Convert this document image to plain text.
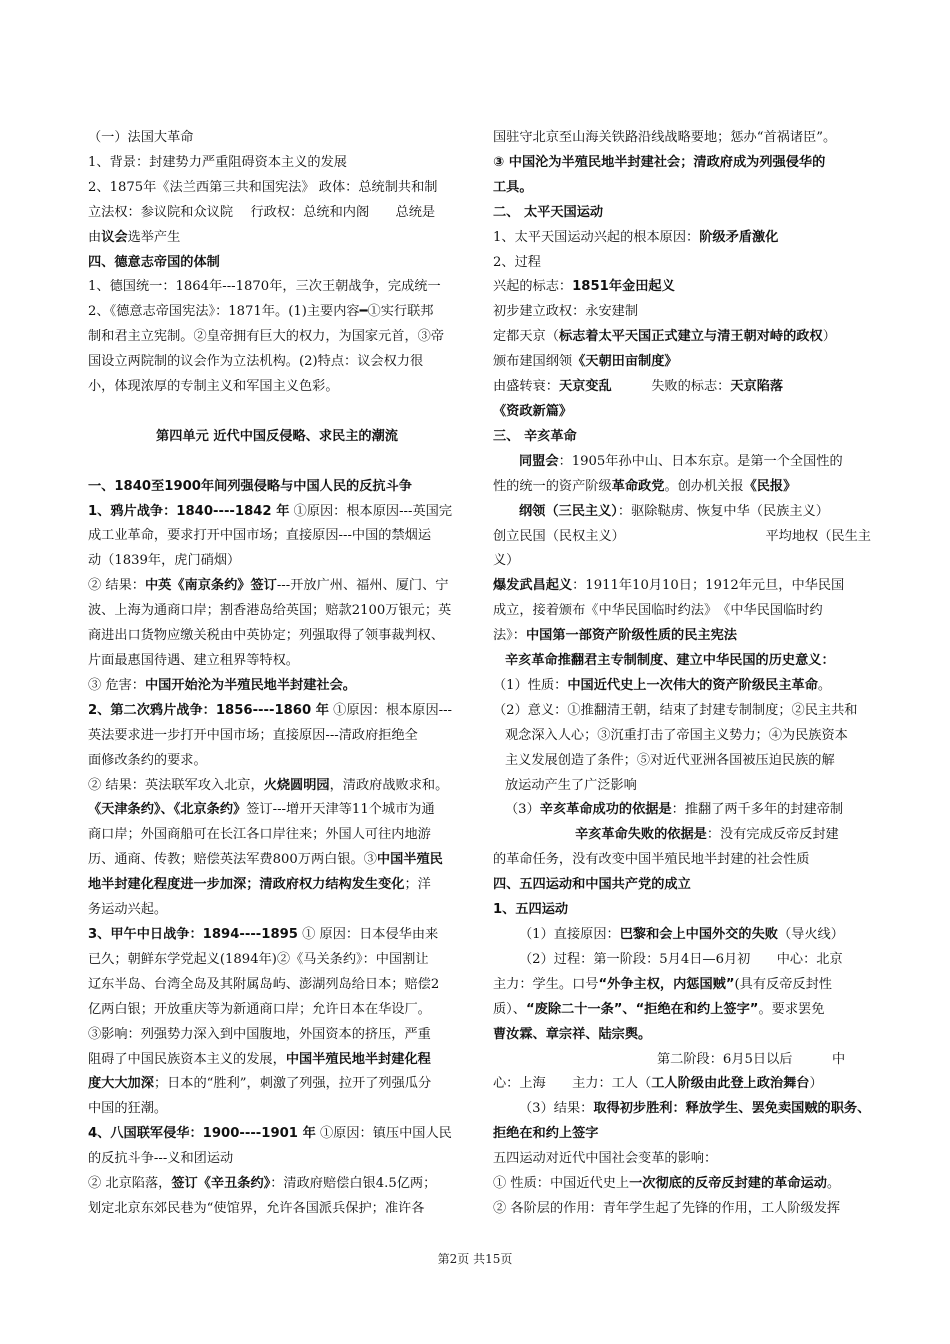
（一）法国大革命

1、背景：封建势力严重阻碍资本主义的发展

2、1875年《法兰西第三共和国宪法》 政体：总统制共和制

立法权：参议院和众议院　 行政权：总统和内阁　　总统是

由议会选举产生

四、德意志帝国的体制

1、德国统一：1864年---1870年，三次王朝战争，完成统一

2、《德意志帝国宪法》：1871年。(1)主要内容━①实行联邦

制和君主立宪制。②皇帝拥有巨大的权力，为国家元首，③帝

国设立两院制的议会作为立法机构。(2)特点：议会权力很

小，体现浓厚的专制主义和军国主义色彩。

第四单元 近代中国反侵略、求民主的潮流

一、1840至1900年间列强侵略与中国人民的反抗斗争

1、鸦片战争：1840----1842 年 ①原因：根本原因---英国完

成工业革命，要求打开中国市场；直接原因---中国的禁烟运

动（1839年，虎门硝烟）

② 结果：中英《南京条约》签订---开放广州、福州、厦门、宁

波、上海为通商口岸；割香港岛给英国；赔款2100万银元；英

商进出口货物应缴关税由中英协定；列强取得了领事裁判权、

片面最惠国待遇、建立租界等特权。

③ 危害：中国开始沦为半殖民地半封建社会。

2、第二次鸦片战争：1856----1860 年 ①原因：根本原因---

英法要求进一步打开中国市场；直接原因---清政府拒绝全

面修改条约的要求。

② 结果：英法联军攻入北京，火烧圆明园，清政府战败求和。

《天津条约》、《北京条约》签订---增开天津等11个城市为通

商口岸；外国商船可在长江各口岸往来；外国人可往内地游

历、通商、传教；赔偿英法军费800万两白银。③中国半殖民

地半封建化程度进一步加深；清政府权力结构发生变化；洋

务运动兴起。

3、甲午中日战争：1894----1895 ① 原因：日本侵华由来

已久；朝鲜东学党起义(1894年)②《马关条约》：中国割让

辽东半岛、台湾全岛及其附属岛屿、澎湖列岛给日本；赔偿2

亿两白银；开放重庆等为新通商口岸；允许日本在华设厂。

③影响：列强势力深入到中国腹地，外国资本的挤压，严重

阻碍了中国民族资本主义的发展，中国半殖民地半封建化程

度大大加深；日本的“胜利”，刺激了列强，拉开了列强瓜分

中国的狂潮。

4、八国联军侵华：1900----1901 年 ①原因：镇压中国人民

的反抗斗争---义和团运动

② 北京陷落，签订《辛丑条约》：清政府赔偿白银4.5亿两；

划定北京东郊民巷为“使馆界，允许各国派兵保护；准许各

国驻守北京至山海关铁路沿线战略要地；惩办“首祸诸臣”。

③ 中国沦为半殖民地半封建社会；清政府成为列强侵华的

工具。

二、 太平天国运动

1、太平天国运动兴起的根本原因：阶级矛盾激化

2、过程

兴起的标志：1851年金田起义

初步建立政权：永安建制

定都天京（标志着太平天国正式建立与清王朝对峙的政权）

颁布建国纲领《天朝田亩制度》

由盛转衰：天京变乱　　　失败的标志：天京陷落

《资政新篇》

三、 辛亥革命

同盟会：1905年孙中山、日本东京。是第一个全国性的

性的统一的资产阶级革命政党。创办机关报《民报》

纲领（三民主义）：驱除鞑虏、恢复中华（民族主义）

创立民国（民权主义）	平均地权（民生主

义）

爆发武昌起义：1911年10月10日；1912年元旦，中华民国

成立，接着颁布《中华民国临时约法》　《中华民国临时约

法》：中国第一部资产阶级性质的民主宪法

辛亥革命推翻君主专制制度、建立中华民国的历史意义：

（1）性质：中国近代史上一次伟大的资产阶级民主革命。

（2）意义：①推翻清王朝，结束了封建专制制度；②民主共和

观念深入人心；③沉重打击了帝国主义势力；④为民族资本

主义发展创造了条件；⑤对近代亚洲各国被压迫民族的解

放运动产生了广泛影响

（3）辛亥革命成功的依据是：推翻了两千多年的封建帝制

辛亥革命失败的依据是：没有完成反帝反封建

的革命任务，没有改变中国半殖民地半封建的社会性质

四、五四运动和中国共产党的成立

1、五四运动

（1）直接原因：巴黎和会上中国外交的失败（导火线）

（2）过程：第一阶段：5月4日—6月初　　中心：北京

主力：学生。口号“外争主权，内惩国贼”(具有反帝反封性

质）、“废除二十一条”、“拒绝在和约上签字”。要求罢免

曹汝霖、章宗祥、陆宗舆。

第二阶段：6月5日以后　　　中

心：上海　　主力：工人（工人阶级由此登上政治舞台）

（3）结果：取得初步胜利：释放学生、罢免卖国贼的职务、

拒绝在和约上签字

五四运动对近代中国社会变革的影响：

① 性质：中国近代史上一次彻底的反帝反封建的革命运动。

② 各阶层的作用：青年学生起了先锋的作用，工人阶级发挥

第2页 共15页
